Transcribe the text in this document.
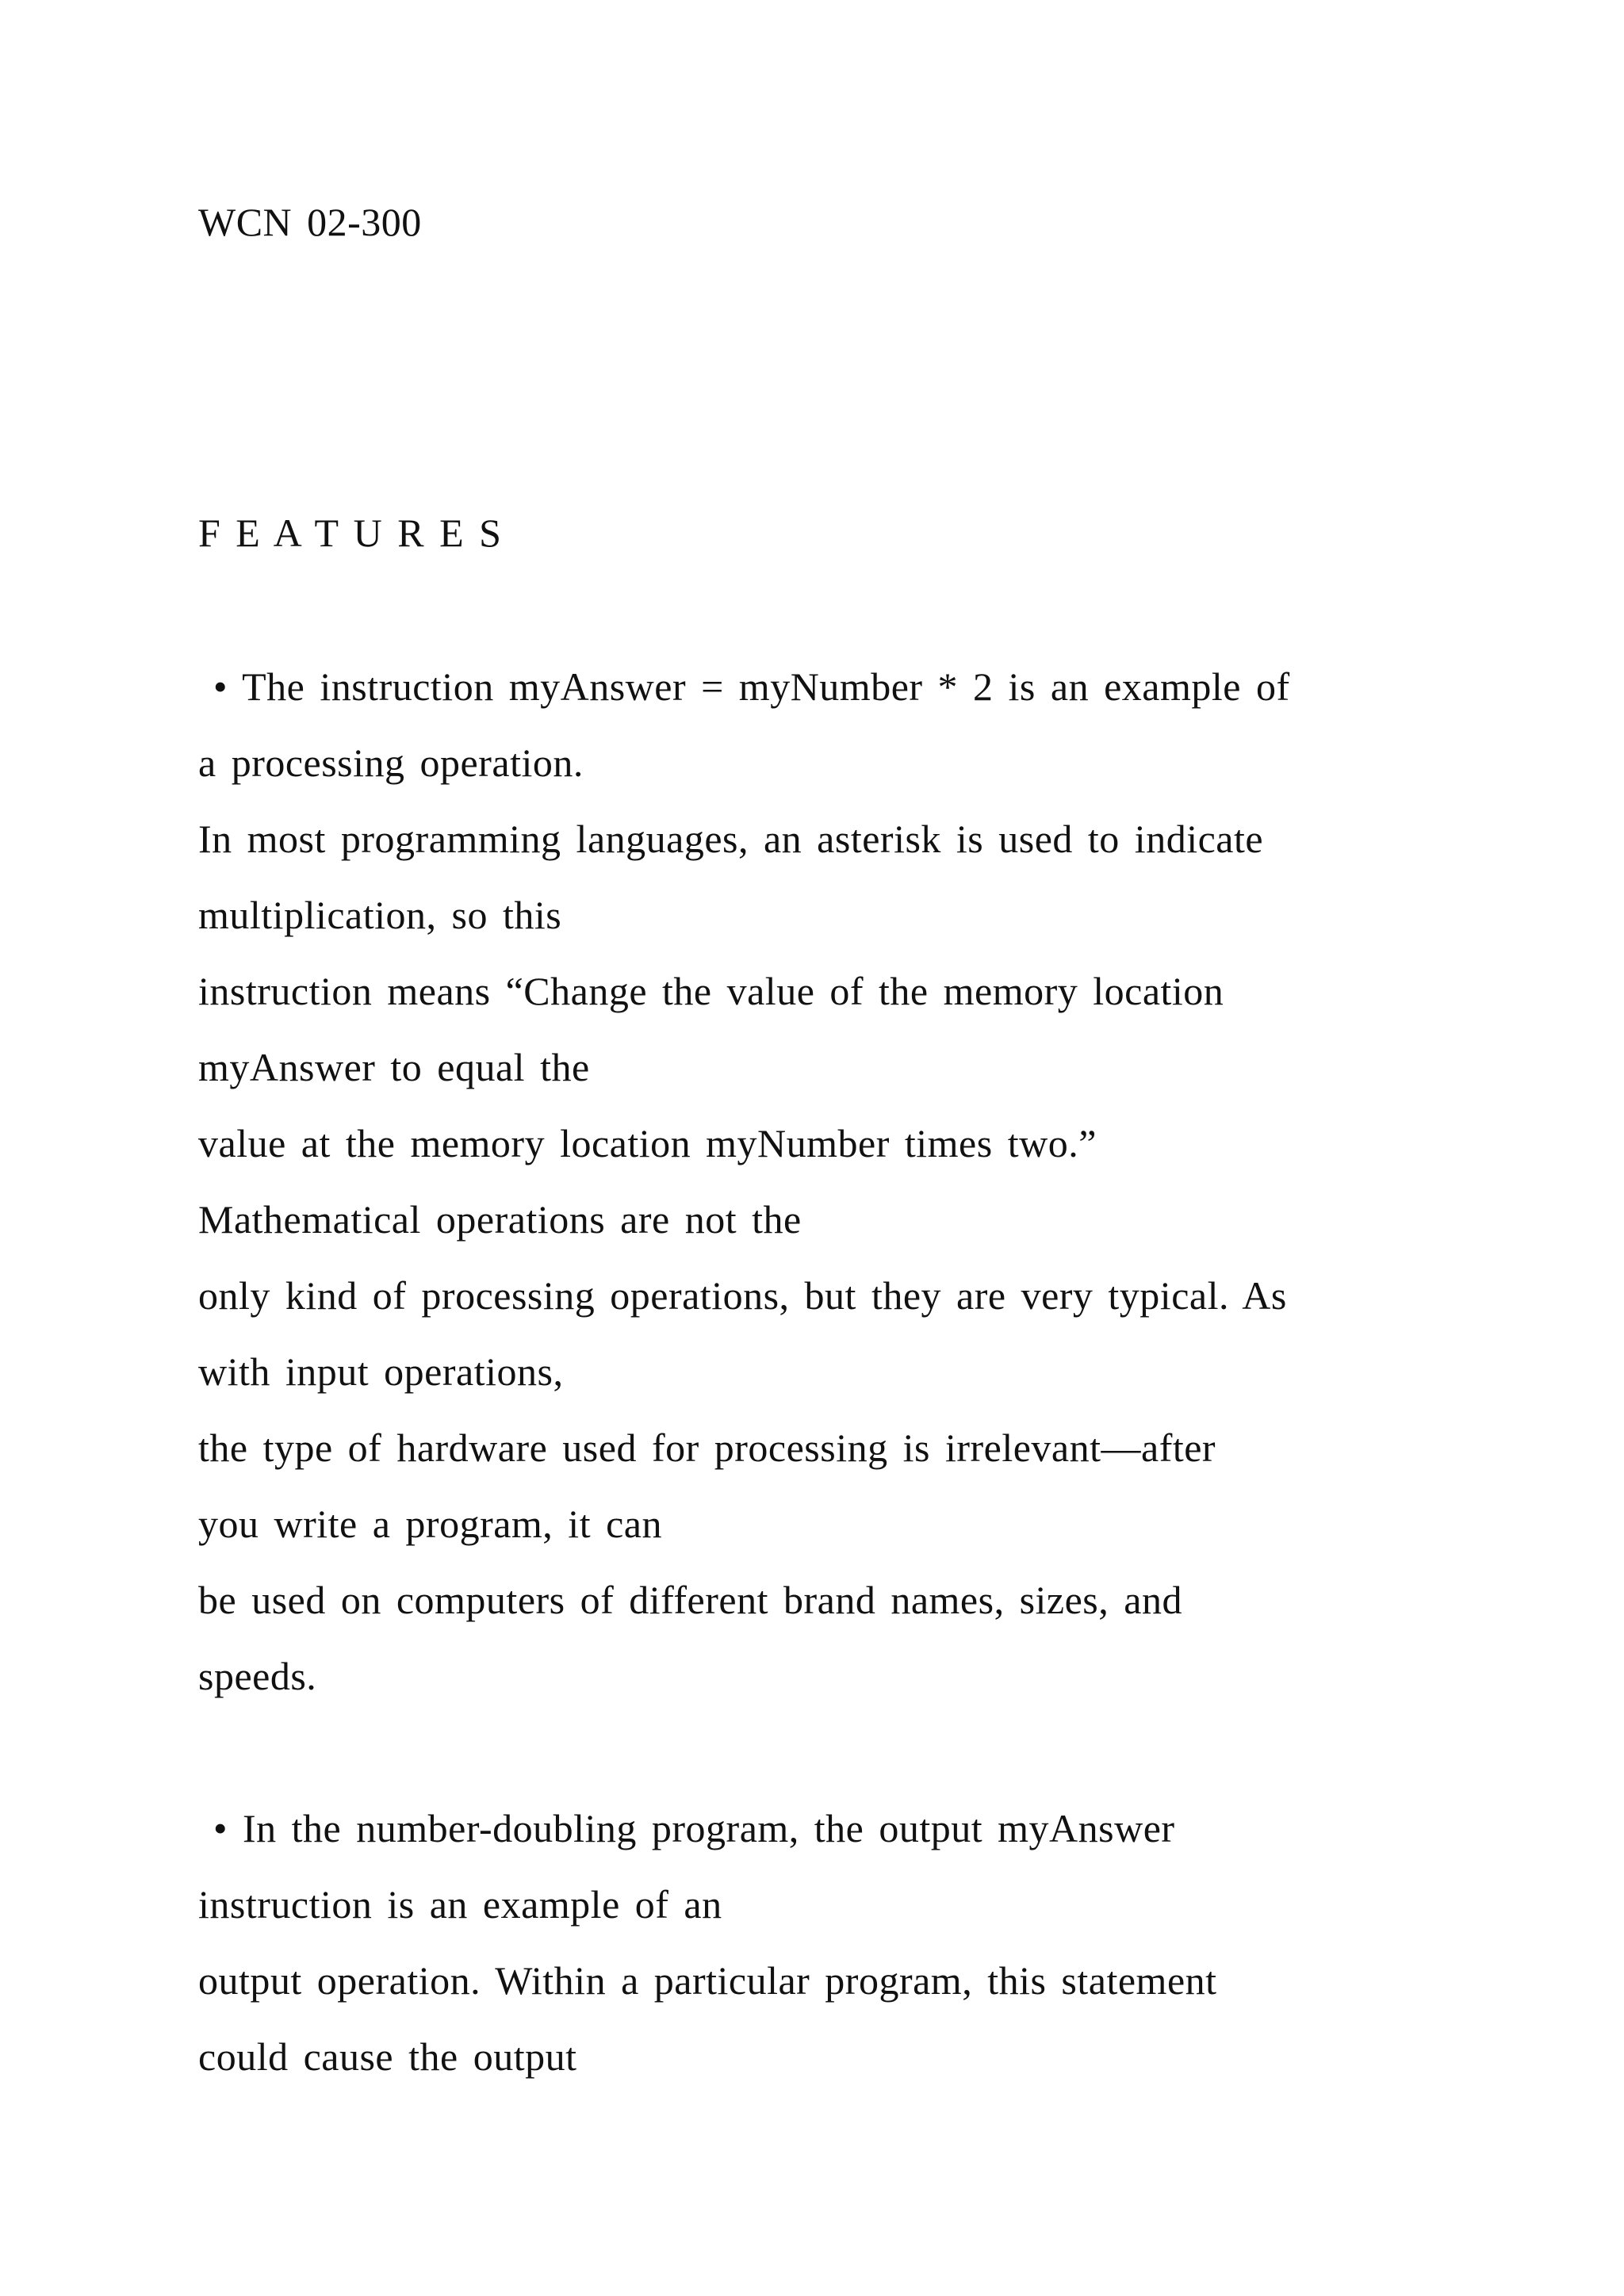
WCN 02-300
F E A T U R E S
• The instruction myAnswer = myNumber * 2 is an example of
a processing operation.
In most programming languages, an asterisk is used to indicate
multiplication, so this
instruction means “Change the value of the memory location
myAnswer to equal the
value at the memory location myNumber times two.”
Mathematical operations are not the
only kind of processing operations, but they are very typical. As
with input operations,
the type of hardware used for processing is irrelevant—after
you write a program, it can
be used on computers of different brand names, sizes, and
speeds.
• In the number-doubling program, the output myAnswer
instruction is an example of an
output operation. Within a particular program, this statement
could cause the output
